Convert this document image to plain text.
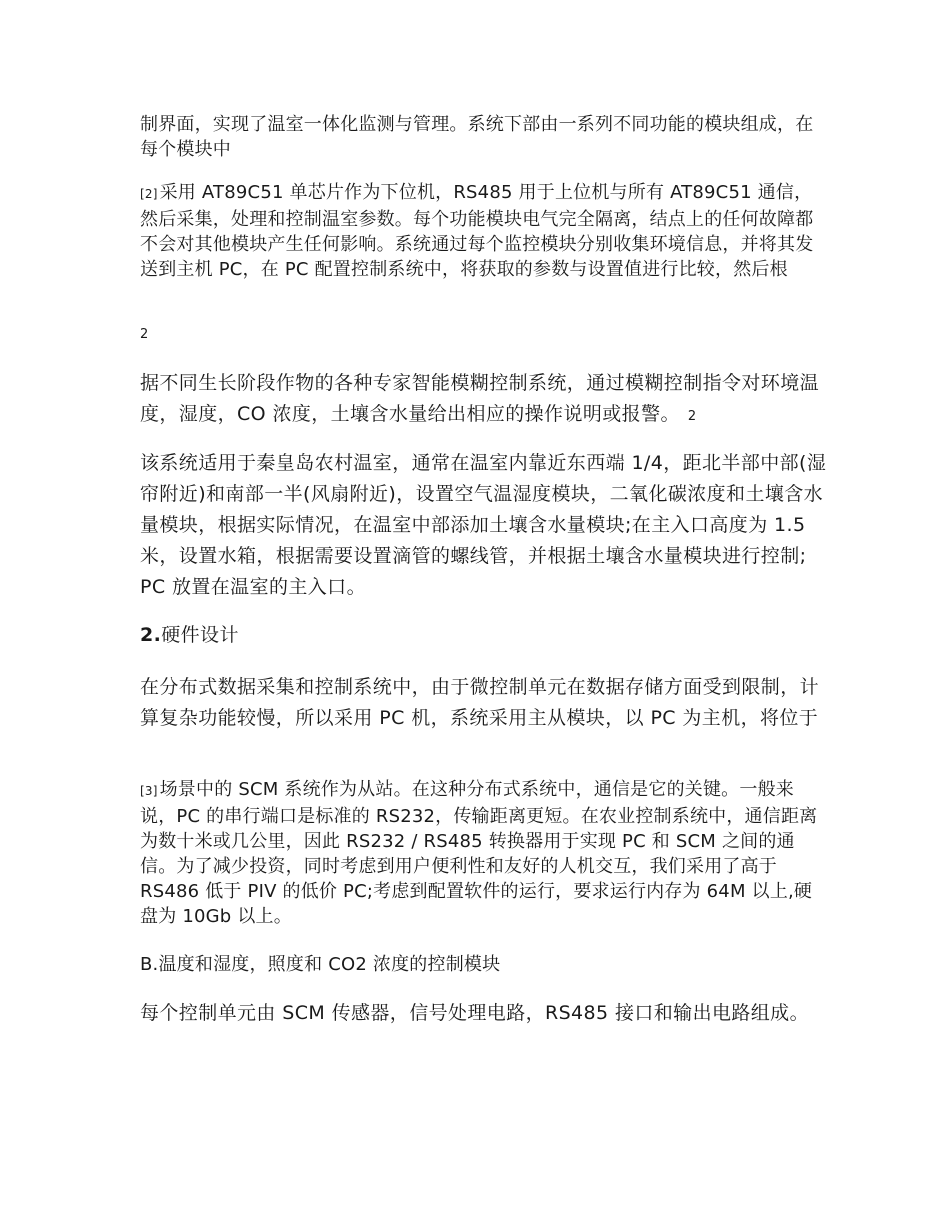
制界面，实现了温室一体化监测与管理。系统下部由一系列不同功能的模块组成，在每个模块中

[2] 采用 AT89C51 单芯片作为下位机，RS485 用于上位机与所有 AT89C51 通信，然后采集，处理和控制温室参数。每个功能模块电气完全隔离，结点上的任何故障都不会对其他模块产生任何影响。系统通过每个监控模块分别收集环境信息，并将其发送到主机 PC，在 PC 配置控制系统中，将获取的参数与设置值进行比较，然后根

2

据不同生长阶段作物的各种专家智能模糊控制系统，通过模糊控制指令对环境温度，湿度，CO 浓度，土壤含水量给出相应的操作说明或报警。 2

该系统适用于秦皇岛农村温室，通常在温室内靠近东西端 1/4，距北半部中部(湿帘附近)和南部一半(风扇附近)，设置空气温湿度模块，二氧化碳浓度和土壤含水量模块，根据实际情况，在温室中部添加土壤含水量模块;在主入口高度为 1.5 米，设置水箱，根据需要设置滴管的螺线管，并根据土壤含水量模块进行控制; PC 放置在温室的主入口。

2.硬件设计

在分布式数据采集和控制系统中，由于微控制单元在数据存储方面受到限制，计算复杂功能较慢，所以采用 PC 机，系统采用主从模块，以 PC 为主机，将位于

[3] 场景中的 SCM 系统作为从站。在这种分布式系统中，通信是它的关键。一般来说，PC 的串行端口是标准的 RS232，传输距离更短。在农业控制系统中，通信距离为数十米或几公里，因此 RS232 / RS485 转换器用于实现 PC 和 SCM 之间的通信。为了减少投资，同时考虑到用户便利性和友好的人机交互，我们采用了高于 RS486 低于 PIV 的低价 PC;考虑到配置软件的运行，要求运行内存为 64M 以上,硬盘为 10Gb 以上。

B.温度和湿度，照度和 CO2 浓度的控制模块

每个控制单元由 SCM 传感器，信号处理电路，RS485 接口和输出电路组成。
